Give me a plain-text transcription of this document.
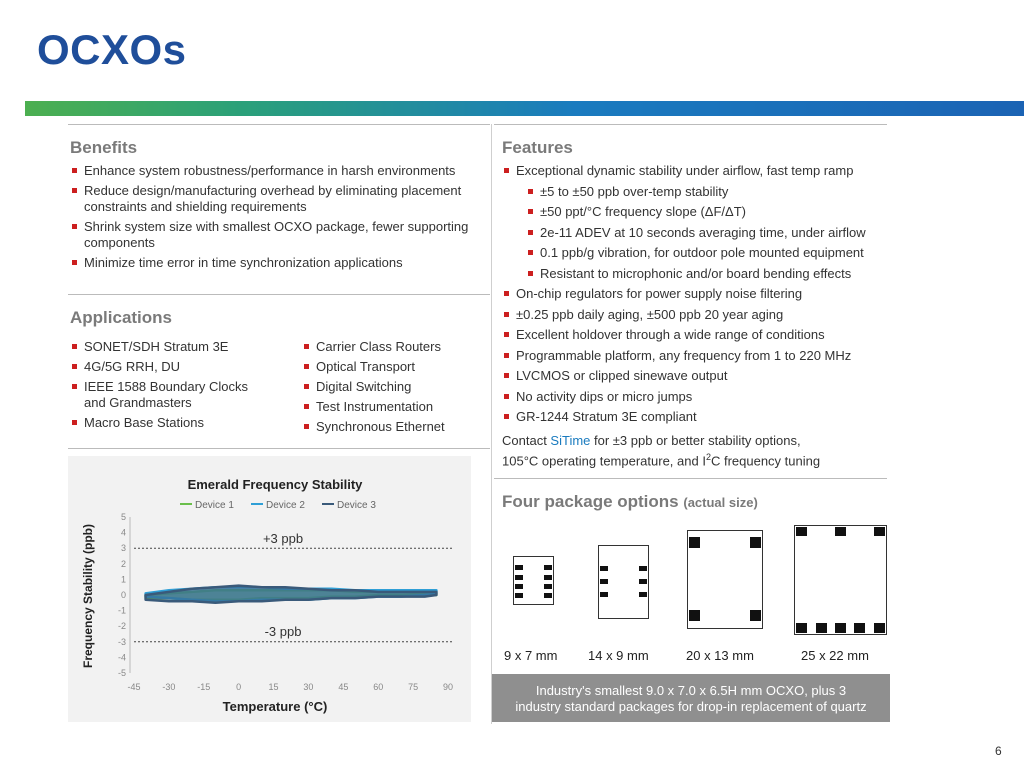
OCXOs
Benefits
Enhance system robustness/performance in harsh environments
Reduce design/manufacturing overhead by eliminating placement constraints and shielding requirements
Shrink system size with smallest OCXO package, fewer supporting components
Minimize time error in time synchronization applications
Applications
SONET/SDH Stratum 3E
4G/5G RRH, DU
IEEE 1588 Boundary Clocks and Grandmasters
Macro Base Stations
Carrier Class Routers
Optical Transport
Digital Switching
Test Instrumentation
Synchronous Ethernet
Features
Exceptional dynamic stability under airflow, fast temp ramp
±5 to ±50 ppb over-temp stability
±50 ppt/°C frequency slope (ΔF/ΔT)
2e-11 ADEV at 10 seconds averaging time, under airflow
0.1 ppb/g vibration, for outdoor pole mounted equipment
Resistant to microphonic and/or board bending effects
On-chip regulators for power supply noise filtering
±0.25 ppb daily aging, ±500 ppb 20 year aging
Excellent holdover through a wide range of conditions
Programmable platform, any frequency from 1 to 220 MHz
LVCMOS or clipped sinewave output
No activity dips or micro jumps
GR-1244 Stratum 3E compliant
Contact SiTime for ±3 ppb or better stability options,
105°C operating temperature, and $I^2C$ frequency tuning
Emerald Frequency Stability
Device 1	Device 2	Device 3
5
4
3
2
1
0
-1
-2
-3
-4
-5
-45 -30 -15	0	15	30	45	60	75	90
Temperature (°C)
Frequency Stability (ppb)	+3 ppb
-3 ppb
Four package options (actual size)
9 x 7 mm 14 x 9 mm	20 x 13 mm	25 x 22 mm
Industry's smallest 9.0 x 7.0 x 6.5H mm OCXO, plus 3
industry standard packages for drop-in replacement of quartz
6
